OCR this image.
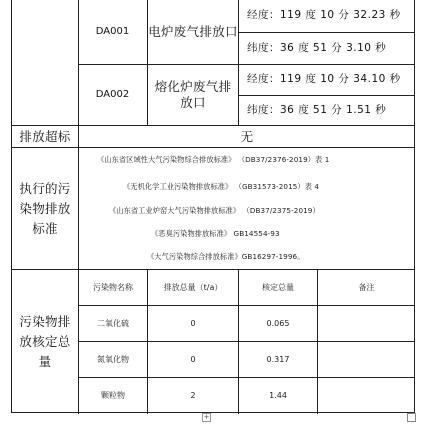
DA001	电炉废气排放口
经度：119 度 10 分 32.23 秒
纬度：36 度 51 分 3.10 秒
DA002	熔化炉废气排放口
经度：119 度 10 分 34.10 秒
纬度：36 度 51 分 1.51 秒
排放超标	无
执行的污染物排放标准
《山东省区域性大气污染物综合排放标准》 （DB37/2376-2019）表 1
《无机化学工业污染物排放标准》 （GB31573-2015）表 4
《山东省工业炉窑大气污染物排放标准》 （DB37/2375-2019）
《恶臭污染物排放标准》 GB14554-93
《大气污染物综合排放标准》GB16297-1996。
污染物排放核定总量
污染物名称	排放总量（t/a）	核定总量	备注
二氧化硫	0	0.065
氮氧化物	0	0.317
颗粒物	2	1.44
+
